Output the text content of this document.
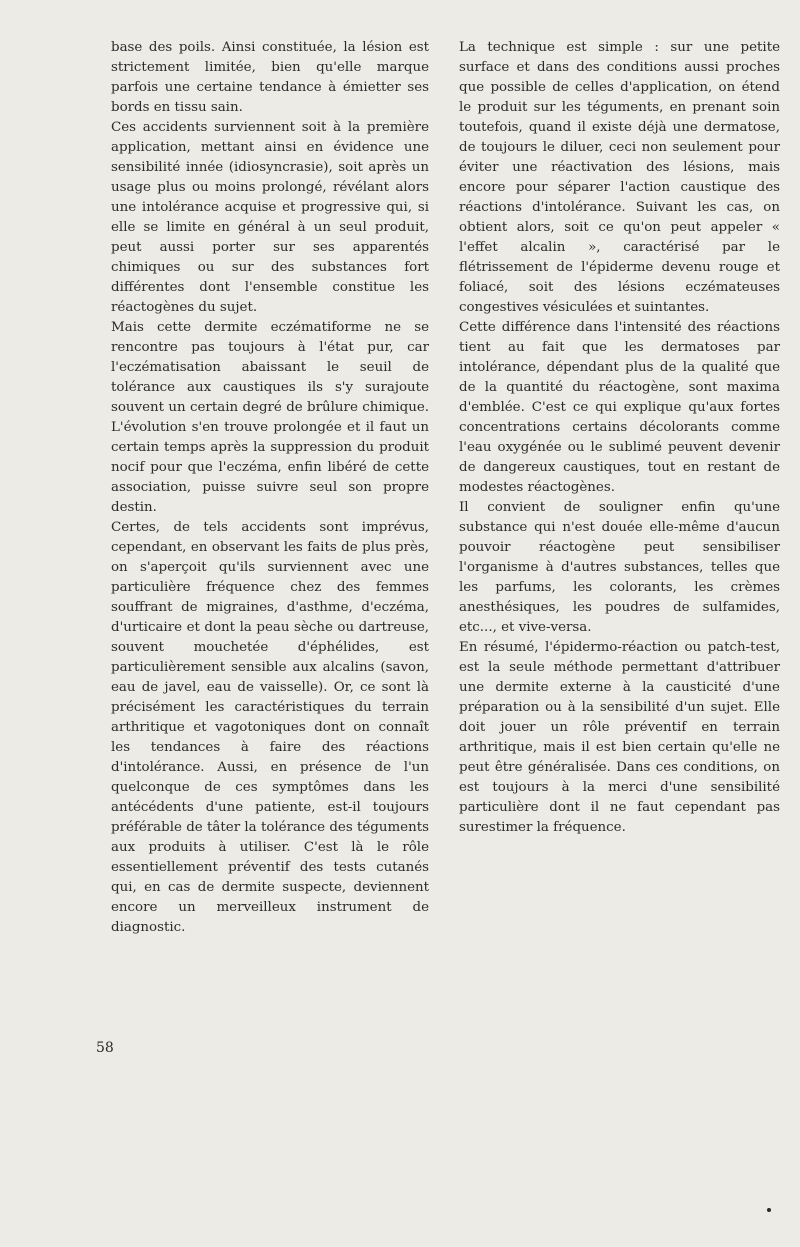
base des poils. Ainsi constituée, la lésion est strictement limitée, bien qu'elle marque parfois une certaine tendance à émietter ses bords en tissu sain.

Ces accidents surviennent soit à la première application, mettant ainsi en évidence une sensibilité innée (idiosyncrasie), soit après un usage plus ou moins prolongé, révélant alors une intolérance acquise et progressive qui, si elle se limite en général à un seul produit, peut aussi porter sur ses apparentés chimiques ou sur des substances fort différentes dont l'ensemble constitue les réactogènes du sujet.

Mais cette dermite eczématiforme ne se rencontre pas toujours à l'état pur, car l'eczématisation abaissant le seuil de tolérance aux caustiques ils s'y surajoute souvent un certain degré de brûlure chimique. L'évolution s'en trouve prolongée et il faut un certain temps après la suppression du produit nocif pour que l'eczéma, enfin libéré de cette association, puisse suivre seul son propre destin.

Certes, de tels accidents sont imprévus, cependant, en observant les faits de plus près, on s'aperçoit qu'ils surviennent avec une particulière fréquence chez des femmes souffrant de migraines, d'asthme, d'eczéma, d'urticaire et dont la peau sèche ou dartreuse, souvent mouchetée d'éphélides, est particulièrement sensible aux alcalins (savon, eau de javel, eau de vaisselle). Or, ce sont là précisément les caractéristiques du terrain arthritique et vagotoniques dont on connaît les tendances à faire des réactions d'intolérance. Aussi, en présence de l'un quelconque de ces symptômes dans les antécédents d'une patiente, est-il toujours préférable de tâter la tolérance des téguments aux produits à utiliser. C'est là le rôle essentiellement préventif des tests cutanés qui, en cas de dermite suspecte, deviennent encore un merveilleux instrument de diagnostic.

La technique est simple : sur une petite surface et dans des conditions aussi proches que possible de celles d'application, on étend le produit sur les téguments, en prenant soin toutefois, quand il existe déjà une dermatose, de toujours le diluer, ceci non seulement pour éviter une réactivation des lésions, mais encore pour séparer l'action caustique des réactions d'intolérance. Suivant les cas, on obtient alors, soit ce qu'on peut appeler « l'effet alcalin », caractérisé par le flétrissement de l'épiderme devenu rouge et foliacé, soit des lésions eczémateuses congestives vésiculées et suintantes.

Cette différence dans l'intensité des réactions tient au fait que les dermatoses par intolérance, dépendant plus de la qualité que de la quantité du réactogène, sont maxima d'emblée. C'est ce qui explique qu'aux fortes concentrations certains décolorants comme l'eau oxygénée ou le sublimé peuvent devenir de dangereux caustiques, tout en restant de modestes réactogènes.

Il convient de souligner enfin qu'une substance qui n'est douée elle-même d'aucun pouvoir réactogène peut sensibiliser l'organisme à d'autres substances, telles que les parfums, les colorants, les crèmes anesthésiques, les poudres de sulfamides, etc..., et vive-versa.

En résumé, l'épidermo-réaction ou patch-test, est la seule méthode permettant d'attribuer une dermite externe à la causticité d'une préparation ou à la sensibilité d'un sujet. Elle doit jouer un rôle préventif en terrain arthritique, mais il est bien certain qu'elle ne peut être généralisée. Dans ces conditions, on est toujours à la merci d'une sensibilité particulière dont il ne faut cependant pas surestimer la fréquence.

58
